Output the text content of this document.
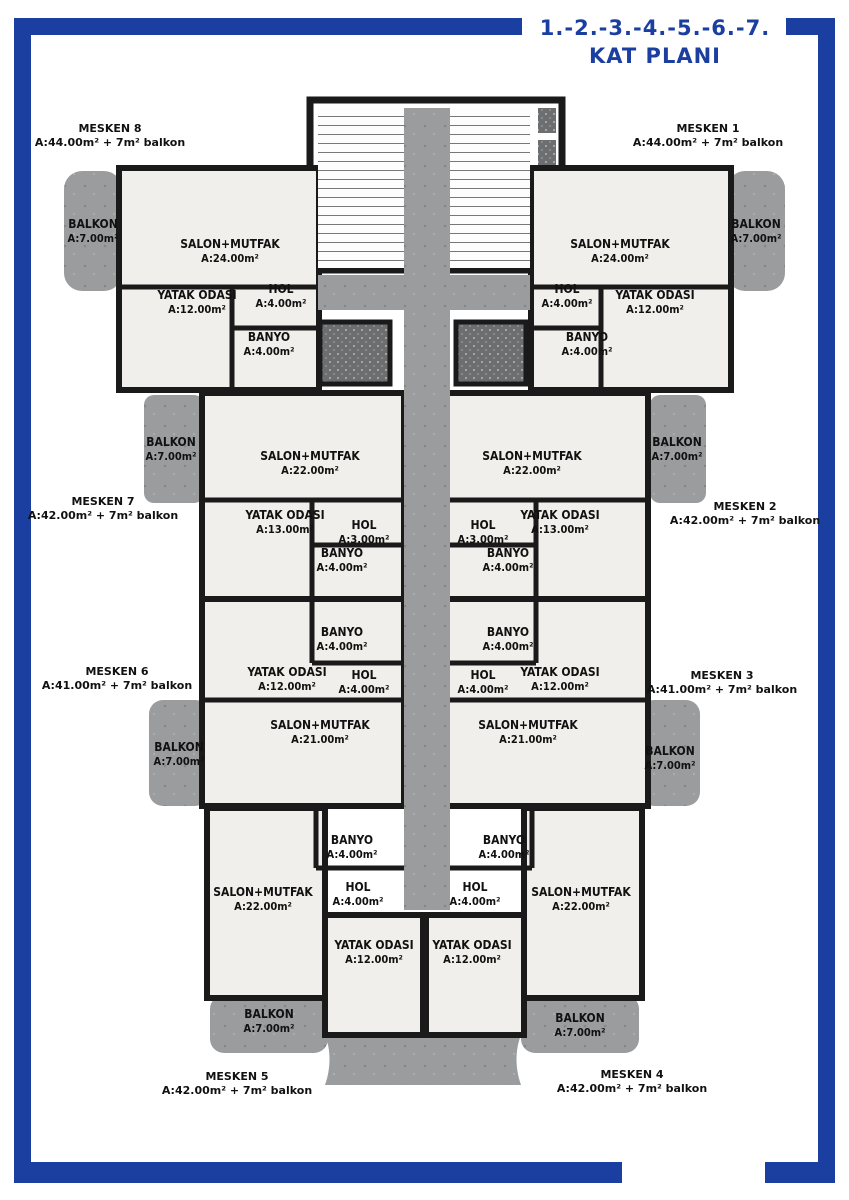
1.-2.-3.-4.-5.-6.-7.
KAT PLANI
MESKEN 8
A:44.00m² + 7m² balkon
MESKEN 1
A:44.00m² + 7m² balkon
MESKEN 7
A:42.00m² + 7m² balkon
MESKEN 2
A:42.00m² + 7m² balkon
MESKEN 6
A:41.00m² + 7m² balkon
MESKEN 3
A:41.00m² + 7m² balkon
MESKEN 5
A:42.00m² + 7m² balkon
MESKEN 4
A:42.00m² + 7m² balkon
BALKON
A:7.00m²	SALON+MUTFAK
A:24.00m²
HOL
A:4.00m²
YATAK ODASI
A:12.00m²
BANYO
A:4.00m²
SALON+MUTFAK
A:24.00m²
BALKON
A:7.00m²
HOL
A:4.00m²
YATAK ODASI
A:12.00m²
BANYO
A:4.00m²
BALKON
A:7.00m²	SALON+MUTFAK
A:22.00m²
YATAK ODASI
A:13.00m²	HOL
A:3.00m²
BANYO
A:4.00m²
SALON+MUTFAK
A:22.00m²
BALKON
A:7.00m²
HOL
A:3.00m²
YATAK ODASI
A:13.00m²
BANYO
A:4.00m²
BANYO
A:4.00m²
YATAK ODASI
A:12.00m²
HOL
A:4.00m²
BANYO
A:4.00m²
HOL
A:4.00m²
YATAK ODASI
A:12.00m²
SALON+MUTFAK
A:21.00m²
BALKON
A:7.00m²
SALON+MUTFAK
A:21.00m²
BALKON
A:7.00m²
BANYO
A:4.00m²
BANYO
A:4.00m²
SALON+MUTFAK
A:22.00m²
HOL
A:4.00m²
HOL
A:4.00m²
SALON+MUTFAK
A:22.00m²
YATAK ODASI
A:12.00m²
YATAK ODASI
A:12.00m²
BALKON
A:7.00m²
BALKON
A:7.00m²
